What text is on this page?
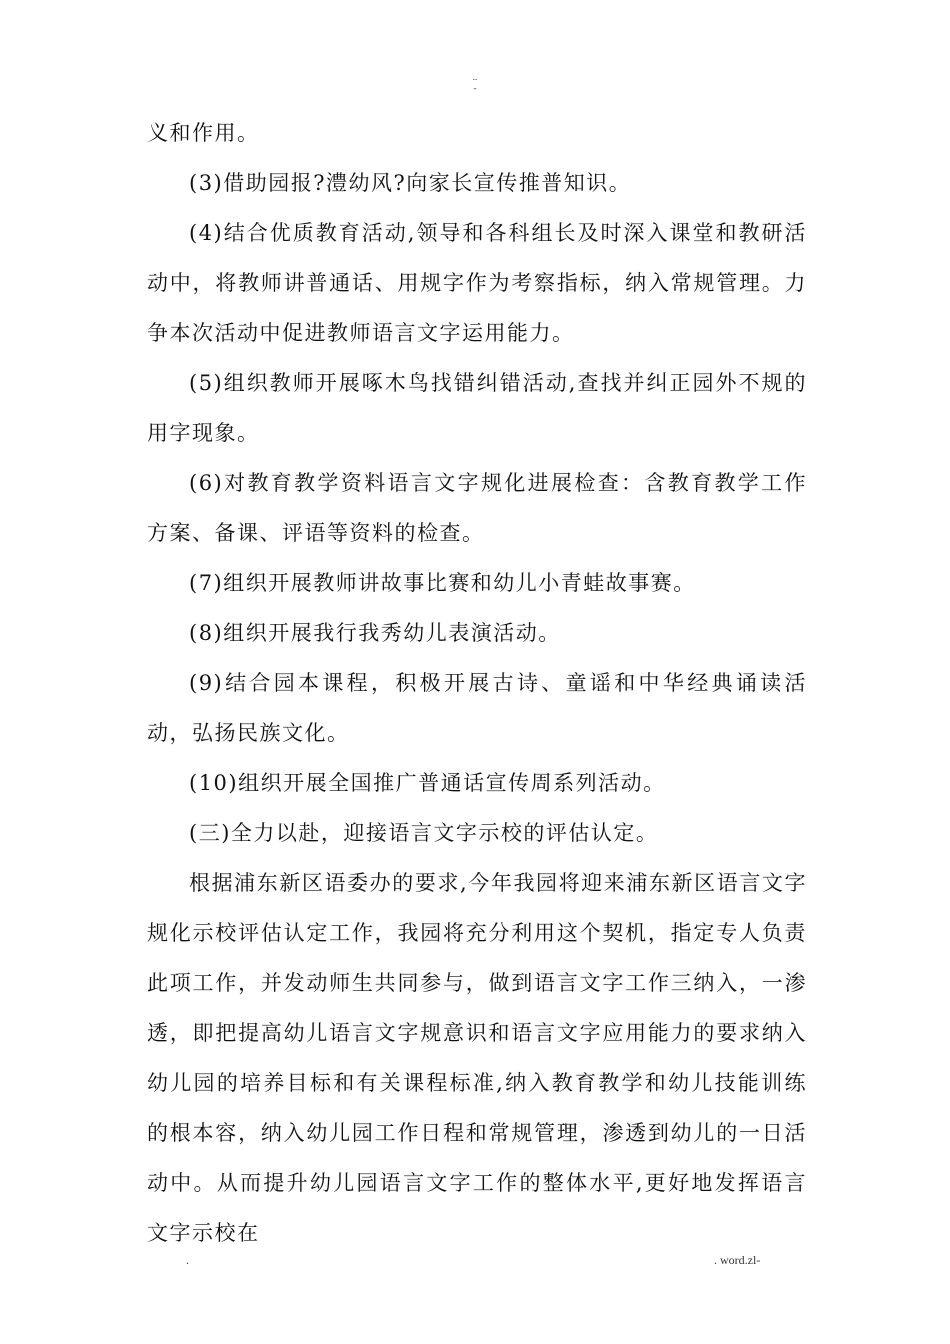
..
-

义和作用。

(3)借助园报?澧幼风?向家长宣传推普知识。

(4)结合优质教育活动,领导和各科组长及时深入课堂和教研活动中，将教师讲普通话、用规字作为考察指标，纳入常规管理。力争本次活动中促进教师语言文字运用能力。

(5)组织教师开展啄木鸟找错纠错活动,查找并纠正园外不规的用字现象。

(6)对教育教学资料语言文字规化进展检查：含教育教学工作方案、备课、评语等资料的检查。

(7)组织开展教师讲故事比赛和幼儿小青蛙故事赛。

(8)组织开展我行我秀幼儿表演活动。

(9)结合园本课程，积极开展古诗、童谣和中华经典诵读活动，弘扬民族文化。

(10)组织开展全国推广普通话宣传周系列活动。

(三)全力以赴，迎接语言文字示校的评估认定。

根据浦东新区语委办的要求,今年我园将迎来浦东新区语言文字规化示校评估认定工作，我园将充分利用这个契机，指定专人负责此项工作，并发动师生共同参与，做到语言文字工作三纳入，一渗透，即把提高幼儿语言文字规意识和语言文字应用能力的要求纳入幼儿园的培养目标和有关课程标准,纳入教育教学和幼儿技能训练的根本容，纳入幼儿园工作日程和常规管理，渗透到幼儿的一日活动中。从而提升幼儿园语言文字工作的整体水平,更好地发挥语言文字示校在

.	. word.zl-
